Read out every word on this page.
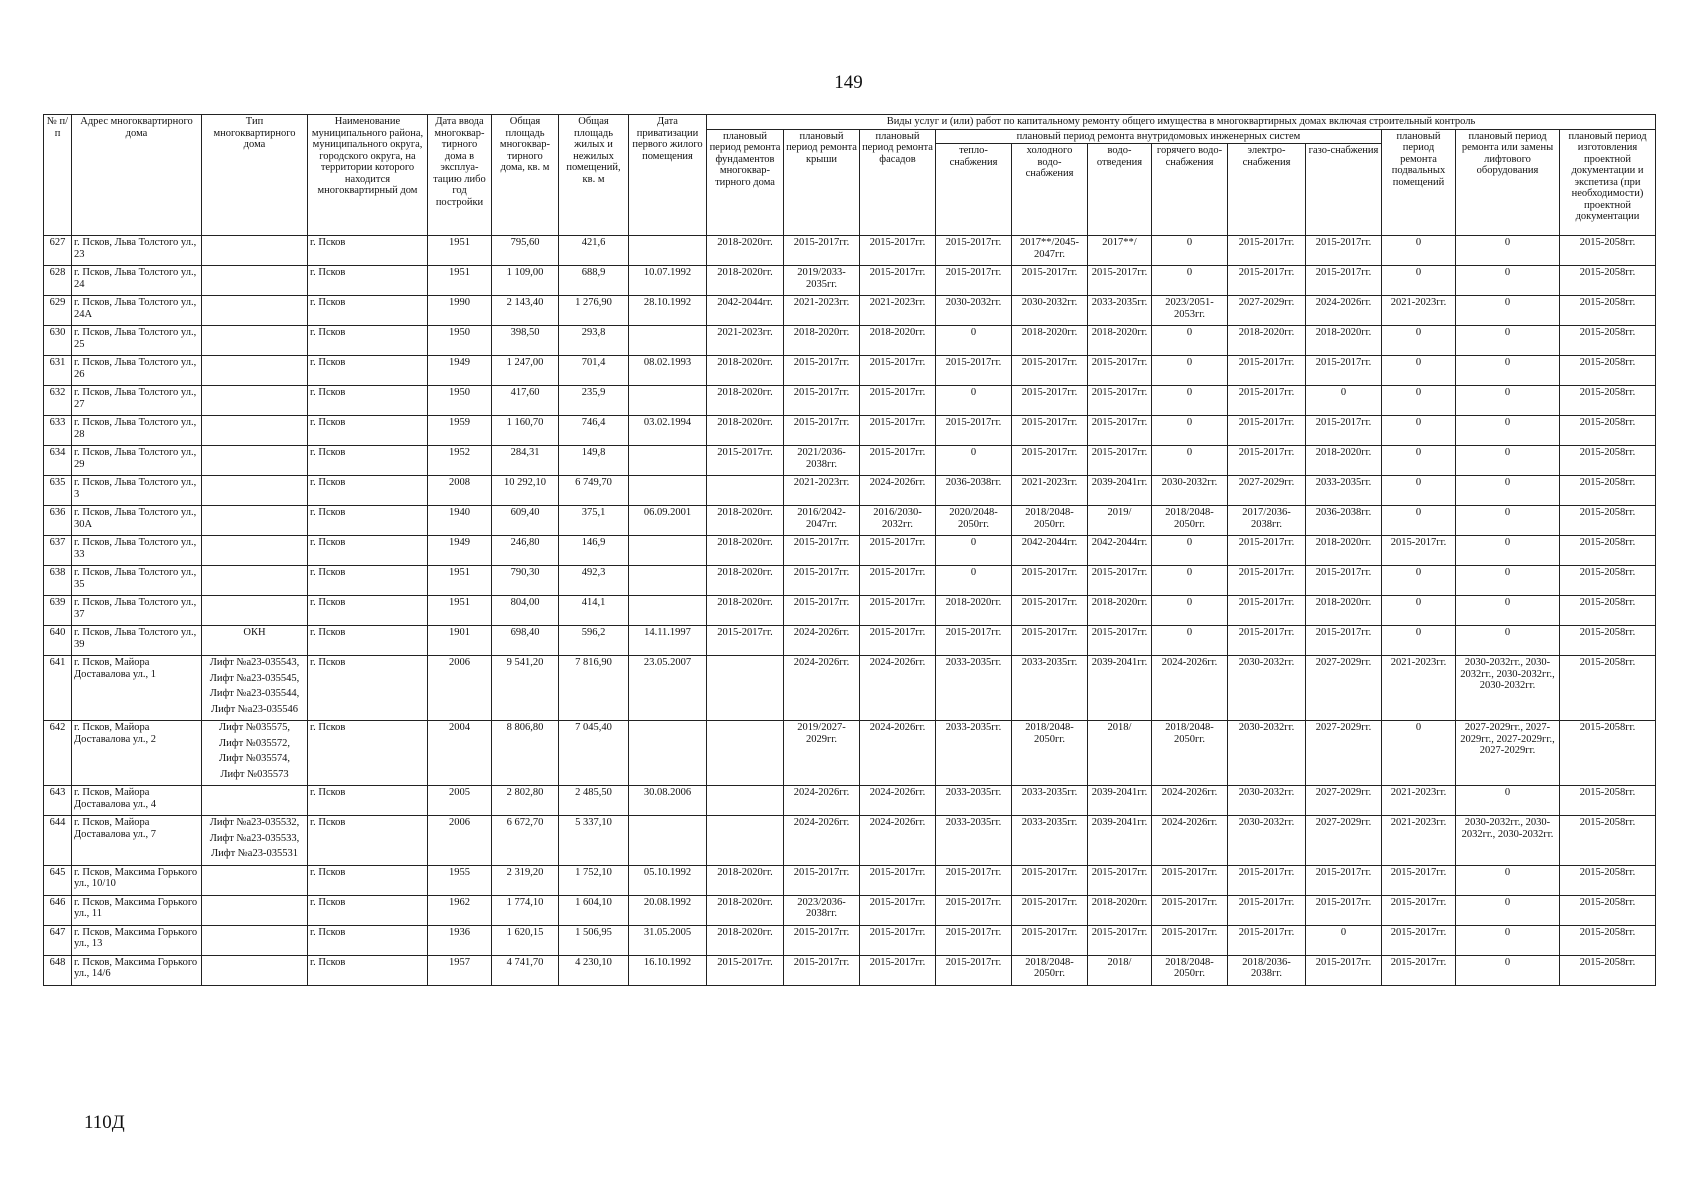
149
№ п/п	Адрес многоквартирного дома	Тип многоквартирного дома	Наименование муниципального района, муниципального округа, городского округа, на территории которого находится многоквартирный дом	Дата ввода многоквар-тирного дома в эксплуа-тацию либо год постройки	Общая площадь многоквар-тирного дома, кв. м	Общая площадь жилых и нежилых помещений, кв. м	Дата приватизации первого жилого помещения	Виды услуг и (или) работ по капитальному ремонту общего имущества в многоквартирных домах включая строительный контроль											
								плановый период ремонта фундаментов многоквар-тирного дома	плановый период ремонта крыши	плановый период ремонта фасадов	плановый период ремонта внутридомовых инженерных систем						плановый период ремонта подвальных помещений	плановый период ремонта или замены лифтового оборудования	плановый период изготовления проектной документации и экспетиза (при необходимости) проектной документации
											тепло-снабжения	холодного водо-снабжения	водо-отведения	горячего водо-снабжения	электро-снабжения	газо-снабжения			
627	г. Псков, Льва Толстого ул., 23		г. Псков	1951	795,60	421,6		2018-2020гг.	2015-2017гг.	2015-2017гг.	2015-2017гг.	2017**/2045-2047гг.	2017**/	0	2015-2017гг.	2015-2017гг.	0	0	2015-2058гг.
628	г. Псков, Льва Толстого ул., 24		г. Псков	1951	1 109,00	688,9	10.07.1992	2018-2020гг.	2019/2033-2035гг.	2015-2017гг.	2015-2017гг.	2015-2017гг.	2015-2017гг.	0	2015-2017гг.	2015-2017гг.	0	0	2015-2058гг.
629	г. Псков, Льва Толстого ул., 24А		г. Псков	1990	2 143,40	1 276,90	28.10.1992	2042-2044гг.	2021-2023гг.	2021-2023гг.	2030-2032гг.	2030-2032гг.	2033-2035гг.	2023/2051-2053гг.	2027-2029гг.	2024-2026гг.	2021-2023гг.	0	2015-2058гг.
630	г. Псков, Льва Толстого ул., 25		г. Псков	1950	398,50	293,8		2021-2023гг.	2018-2020гг.	2018-2020гг.	0	2018-2020гг.	2018-2020гг.	0	2018-2020гг.	2018-2020гг.	0	0	2015-2058гг.
631	г. Псков, Льва Толстого ул., 26		г. Псков	1949	1 247,00	701,4	08.02.1993	2018-2020гг.	2015-2017гг.	2015-2017гг.	2015-2017гг.	2015-2017гг.	2015-2017гг.	0	2015-2017гг.	2015-2017гг.	0	0	2015-2058гг.
632	г. Псков, Льва Толстого ул., 27		г. Псков	1950	417,60	235,9		2018-2020гг.	2015-2017гг.	2015-2017гг.	0	2015-2017гг.	2015-2017гг.	0	2015-2017гг.	0	0	0	2015-2058гг.
633	г. Псков, Льва Толстого ул., 28		г. Псков	1959	1 160,70	746,4	03.02.1994	2018-2020гг.	2015-2017гг.	2015-2017гг.	2015-2017гг.	2015-2017гг.	2015-2017гг.	0	2015-2017гг.	2015-2017гг.	0	0	2015-2058гг.
634	г. Псков, Льва Толстого ул., 29		г. Псков	1952	284,31	149,8		2015-2017гг.	2021/2036-2038гг.	2015-2017гг.	0	2015-2017гг.	2015-2017гг.	0	2015-2017гг.	2018-2020гг.	0	0	2015-2058гг.
635	г. Псков, Льва Толстого ул., 3		г. Псков	2008	10 292,10	6 749,70			2021-2023гг.	2024-2026гг.	2036-2038гг.	2021-2023гг.	2039-2041гг.	2030-2032гг.	2027-2029гг.	2033-2035гг.	0	0	2015-2058гг.
636	г. Псков, Льва Толстого ул., 30А		г. Псков	1940	609,40	375,1	06.09.2001	2018-2020гг.	2016/2042-2047гг.	2016/2030-2032гг.	2020/2048-2050гг.	2018/2048-2050гг.	2019/	2018/2048-2050гг.	2017/2036-2038гг.	2036-2038гг.	0	0	2015-2058гг.
637	г. Псков, Льва Толстого ул., 33		г. Псков	1949	246,80	146,9		2018-2020гг.	2015-2017гг.	2015-2017гг.	0	2042-2044гг.	2042-2044гг.	0	2015-2017гг.	2018-2020гг.	2015-2017гг.	0	2015-2058гг.
638	г. Псков, Льва Толстого ул., 35		г. Псков	1951	790,30	492,3		2018-2020гг.	2015-2017гг.	2015-2017гг.	0	2015-2017гг.	2015-2017гг.	0	2015-2017гг.	2015-2017гг.	0	0	2015-2058гг.
639	г. Псков, Льва Толстого ул., 37		г. Псков	1951	804,00	414,1		2018-2020гг.	2015-2017гг.	2015-2017гг.	2018-2020гг.	2015-2017гг.	2018-2020гг.	0	2015-2017гг.	2018-2020гг.	0	0	2015-2058гг.
640	г. Псков, Льва Толстого ул., 39	ОКН	г. Псков	1901	698,40	596,2	14.11.1997	2015-2017гг.	2024-2026гг.	2015-2017гг.	2015-2017гг.	2015-2017гг.	2015-2017гг.	0	2015-2017гг.	2015-2017гг.	0	0	2015-2058гг.
641	г. Псков, Майора Доставалова ул., 1	Лифт №а23-035543,
Лифт №а23-035545,
Лифт №а23-035544,
Лифт №а23-035546	г. Псков	2006	9 541,20	7 816,90	23.05.2007		2024-2026гг.	2024-2026гг.	2033-2035гг.	2033-2035гг.	2039-2041гг.	2024-2026гг.	2030-2032гг.	2027-2029гг.	2021-2023гг.	2030-2032гг., 2030-2032гг., 2030-2032гг., 2030-2032гг.	2015-2058гг.
642	г. Псков, Майора Доставалова ул., 2	Лифт №035575,
Лифт №035572,
Лифт №035574,
Лифт №035573	г. Псков	2004	8 806,80	7 045,40			2019/2027-2029гг.	2024-2026гг.	2033-2035гг.	2018/2048-2050гг.	2018/	2018/2048-2050гг.	2030-2032гг.	2027-2029гг.	0	2027-2029гг., 2027-2029гг., 2027-2029гг., 2027-2029гг.	2015-2058гг.
643	г. Псков, Майора Доставалова ул., 4		г. Псков	2005	2 802,80	2 485,50	30.08.2006		2024-2026гг.	2024-2026гг.	2033-2035гг.	2033-2035гг.	2039-2041гг.	2024-2026гг.	2030-2032гг.	2027-2029гг.	2021-2023гг.	0	2015-2058гг.
644	г. Псков, Майора Доставалова ул., 7	Лифт №а23-035532,
Лифт №а23-035533,
Лифт №а23-035531	г. Псков	2006	6 672,70	5 337,10			2024-2026гг.	2024-2026гг.	2033-2035гг.	2033-2035гг.	2039-2041гг.	2024-2026гг.	2030-2032гг.	2027-2029гг.	2021-2023гг.	2030-2032гг., 2030-2032гг., 2030-2032гг.	2015-2058гг.
645	г. Псков, Максима Горького ул., 10/10		г. Псков	1955	2 319,20	1 752,10	05.10.1992	2018-2020гг.	2015-2017гг.	2015-2017гг.	2015-2017гг.	2015-2017гг.	2015-2017гг.	2015-2017гг.	2015-2017гг.	2015-2017гг.	2015-2017гг.	0	2015-2058гг.
646	г. Псков, Максима Горького ул., 11		г. Псков	1962	1 774,10	1 604,10	20.08.1992	2018-2020гг.	2023/2036-2038гг.	2015-2017гг.	2015-2017гг.	2015-2017гг.	2018-2020гг.	2015-2017гг.	2015-2017гг.	2015-2017гг.	2015-2017гг.	0	2015-2058гг.
647	г. Псков, Максима Горького ул., 13		г. Псков	1936	1 620,15	1 506,95	31.05.2005	2018-2020гг.	2015-2017гг.	2015-2017гг.	2015-2017гг.	2015-2017гг.	2015-2017гг.	2015-2017гг.	2015-2017гг.	0	2015-2017гг.	0	2015-2058гг.
648	г. Псков, Максима Горького ул., 14/6		г. Псков	1957	4 741,70	4 230,10	16.10.1992	2015-2017гг.	2015-2017гг.	2015-2017гг.	2015-2017гг.	2018/2048-2050гг.	2018/	2018/2048-2050гг.	2018/2036-2038гг.	2015-2017гг.	2015-2017гг.	0	2015-2058гг.
110Д
